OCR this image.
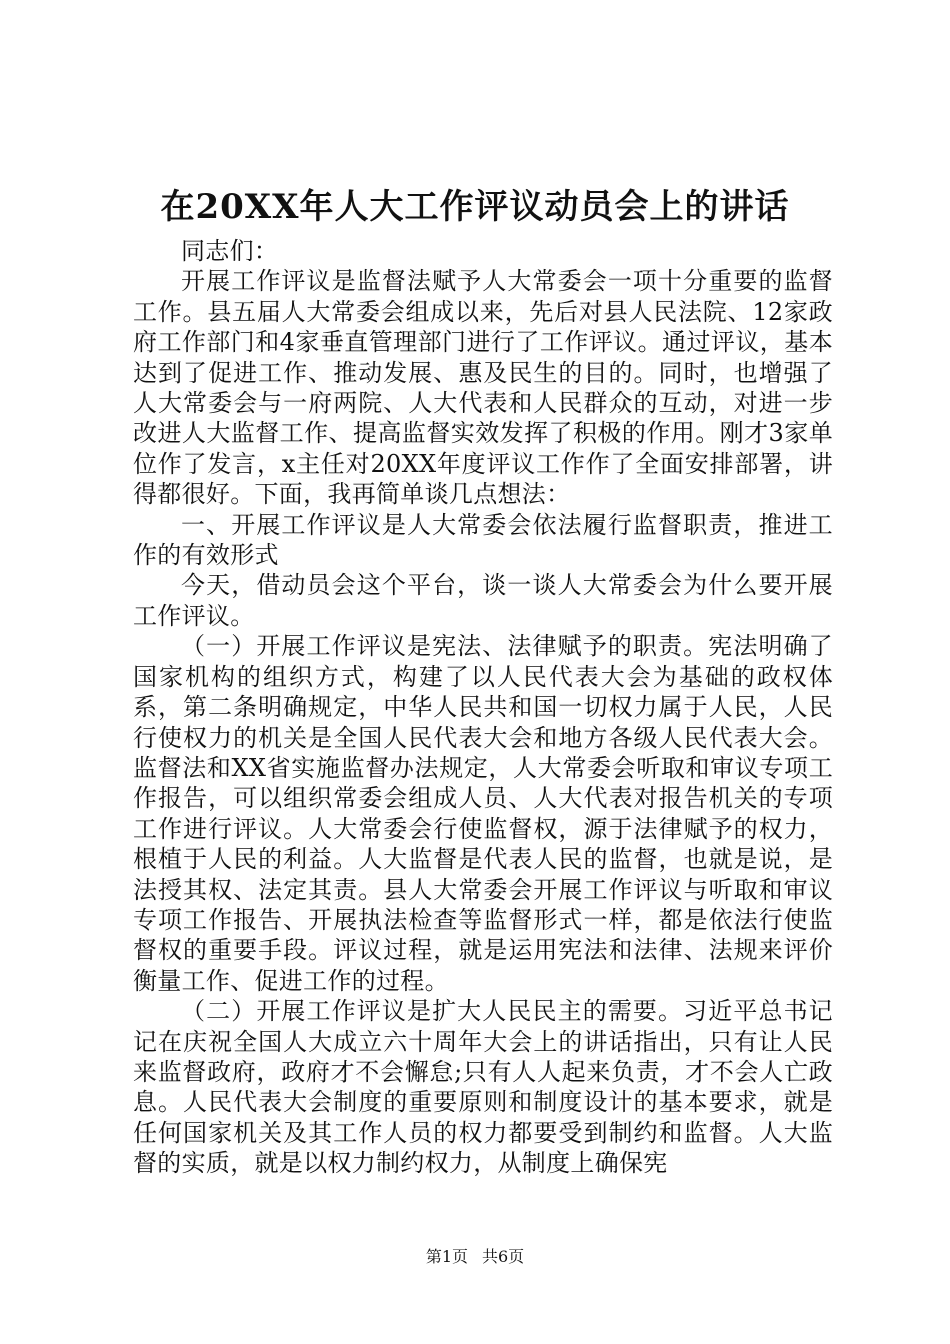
在20XX年人大工作评议动员会上的讲话

同志们：

开展工作评议是监督法赋予人大常委会一项十分重要的监督工作。县五届人大常委会组成以来，先后对县人民法院、12家政府工作部门和4家垂直管理部门进行了工作评议。通过评议，基本达到了促进工作、推动发展、惠及民生的目的。同时，也增强了人大常委会与一府两院、人大代表和人民群众的互动，对进一步改进人大监督工作、提高监督实效发挥了积极的作用。刚才3家单位作了发言，x主任对20XX年度评议工作作了全面安排部署，讲得都很好。下面，我再简单谈几点想法：

一、开展工作评议是人大常委会依法履行监督职责，推进工作的有效形式

今天，借动员会这个平台，谈一谈人大常委会为什么要开展工作评议。

（一）开展工作评议是宪法、法律赋予的职责。宪法明确了国家机构的组织方式，构建了以人民代表大会为基础的政权体系，第二条明确规定，中华人民共和国一切权力属于人民，人民行使权力的机关是全国人民代表大会和地方各级人民代表大会。监督法和XX省实施监督办法规定，人大常委会听取和审议专项工作报告，可以组织常委会组成人员、人大代表对报告机关的专项工作进行评议。人大常委会行使监督权，源于法律赋予的权力，根植于人民的利益。人大监督是代表人民的监督，也就是说，是法授其权、法定其责。县人大常委会开展工作评议与听取和审议专项工作报告、开展执法检查等监督形式一样，都是依法行使监督权的重要手段。评议过程，就是运用宪法和法律、法规来评价衡量工作、促进工作的过程。

（二）开展工作评议是扩大人民民主的需要。习近平总书记记在庆祝全国人大成立六十周年大会上的讲话指出，只有让人民来监督政府，政府才不会懈怠;只有人人起来负责，才不会人亡政息。人民代表大会制度的重要原则和制度设计的基本要求，就是任何国家机关及其工作人员的权力都要受到制约和监督。人大监督的实质，就是以权力制约权力，从制度上确保宪

第1页 共6页
